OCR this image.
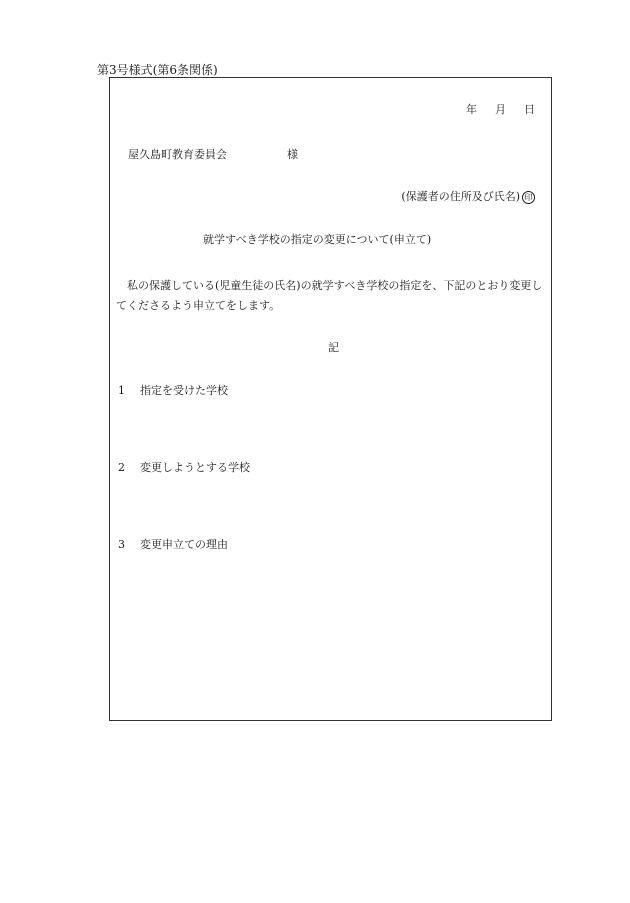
第3号様式(第6条関係)
年 月 日
屋久島町教育委員会	様
(保護者の住所及び氏名) 印
就学すべき学校の指定の変更について(申立て)
私の保護している(児童生徒の氏名)の就学すべき学校の指定を、下記のとおり変更してくださるよう申立てをします。
記
1 指定を受けた学校
2 変更しようとする学校
3 変更申立ての理由
